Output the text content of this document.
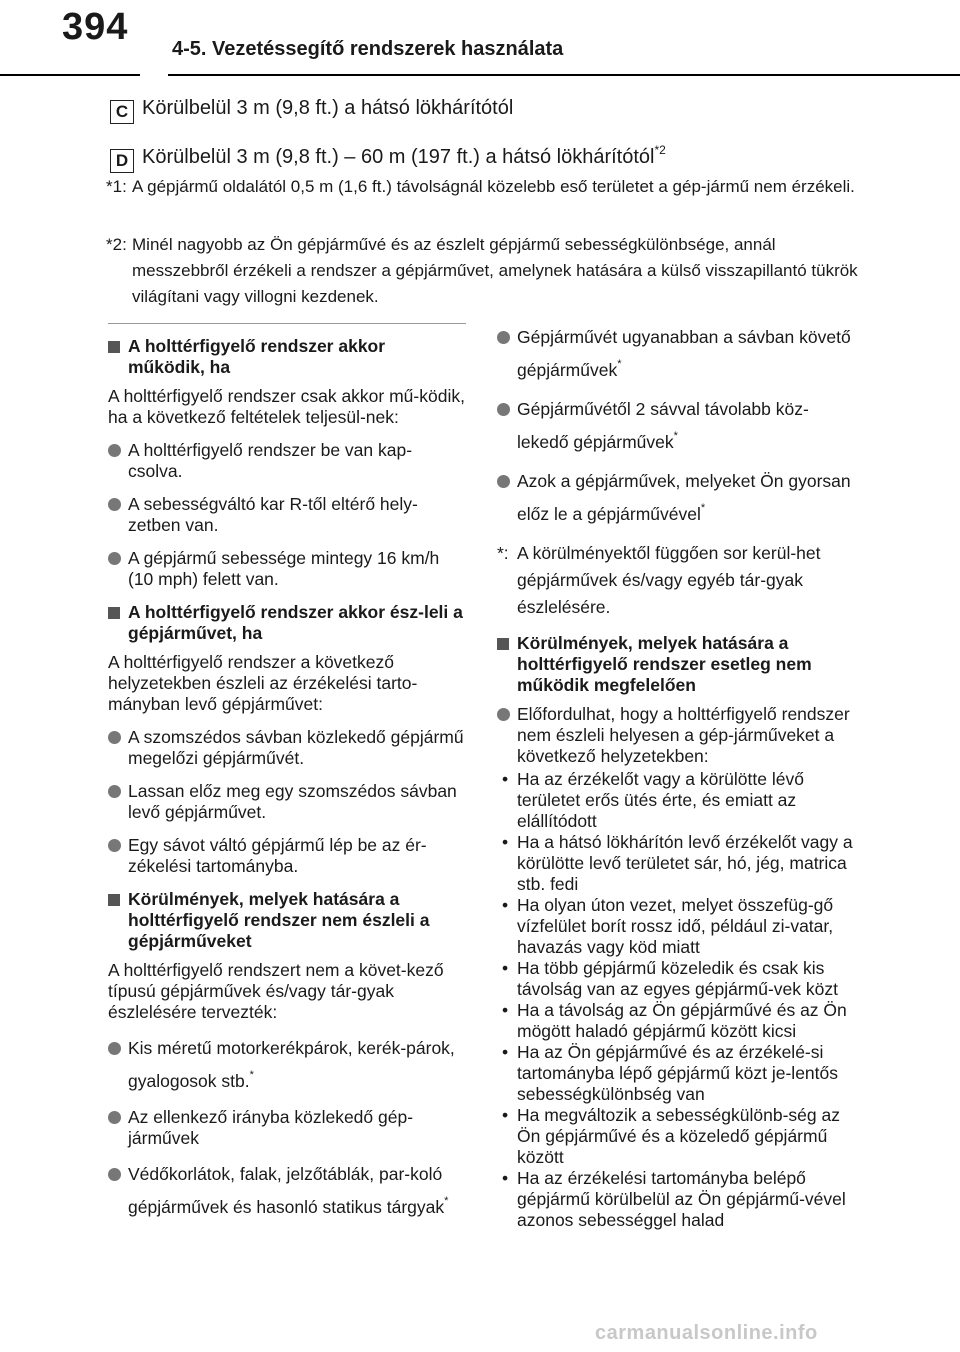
394
4-5. Vezetéssegítő rendszerek használata
C Körülbelül 3 m (9,8 ft.) a hátsó lökhárítótól
D Körülbelül 3 m (9,8 ft.) – 60 m (197 ft.) a hátsó lökhárítótól$^{*2}$
*1: A gépjármű oldalától 0,5 m (1,6 ft.) távolságnál közelebb eső területet a gép-jármű nem érzékeli.
*2: Minél nagyobb az Ön gépjárművé és az észlelt gépjármű sebességkülönbsége, annál messzebbről érzékeli a rendszer a gépjárművet, amelynek hatására a külső visszapillantó tükrök világítani vagy villogni kezdenek.
A holttérfigyelő rendszer akkor működik, ha
A holttérfigyelő rendszer csak akkor mű-ködik, ha a következő feltételek teljesül-nek:
A holttérfigyelő rendszer be van kap-csolva.
A sebességváltó kar R-től eltérő hely-zetben van.
A gépjármű sebessége mintegy 16 km/h (10 mph) felett van.
A holttérfigyelő rendszer akkor ész-leli a gépjárművet, ha
A holttérfigyelő rendszer a következő helyzetekben észleli az érzékelési tarto-mányban levő gépjárművet:
A szomszédos sávban közlekedő gépjármű megelőzi gépjárművét.
Lassan előz meg egy szomszédos sávban levő gépjárművet.
Egy sávot váltó gépjármű lép be az ér-zékelési tartományba.
Körülmények, melyek hatására a holttérfigyelő rendszer nem észleli a gépjárműveket
A holttérfigyelő rendszert nem a követ-kező típusú gépjárművek és/vagy tár-gyak észlelésére tervezték:
Kis méretű motorkerékpárok, kerék-párok, gyalogosok stb.*
Az ellenkező irányba közlekedő gép-járművek
Védőkorlátok, falak, jelzőtáblák, par-koló gépjárművek és hasonló statikus tárgyak*
Gépjárművét ugyanabban a sávban követő gépjárművek*
Gépjárművétől 2 sávval távolabb köz-lekedő gépjárművek*
Azok a gépjárművek, melyeket Ön gyorsan előz le a gépjárművével*
*: A körülményektől függően sor kerül-het gépjárművek és/vagy egyéb tár-gyak észlelésére.
Körülmények, melyek hatására a holttérfigyelő rendszer esetleg nem működik megfelelően
Előfordulhat, hogy a holttérfigyelő rendszer nem észleli helyesen a gép-járműveket a következő helyzetekben:
• Ha az érzékelőt vagy a körülötte lévő területet erős ütés érte, és emiatt az elállítódott
• Ha a hátsó lökhárítón levő érzékelőt vagy a körülötte levő területet sár, hó, jég, matrica stb. fedi
• Ha olyan úton vezet, melyet összefüg-gő vízfelület borít rossz idő, például zi-vatar, havazás vagy köd miatt
• Ha több gépjármű közeledik és csak kis távolság van az egyes gépjármű-vek közt
• Ha a távolság az Ön gépjárművé és az Ön mögött haladó gépjármű között kicsi
• Ha az Ön gépjárművé és az érzékelé-si tartományba lépő gépjármű közt je-lentős sebességkülönbség van
• Ha megváltozik a sebességkülönb-ség az Ön gépjárművé és a közeledő gépjármű között
• Ha az érzékelési tartományba belépő gépjármű körülbelül az Ön gépjármű-vével azonos sebességgel halad
carmanualsonline.info
